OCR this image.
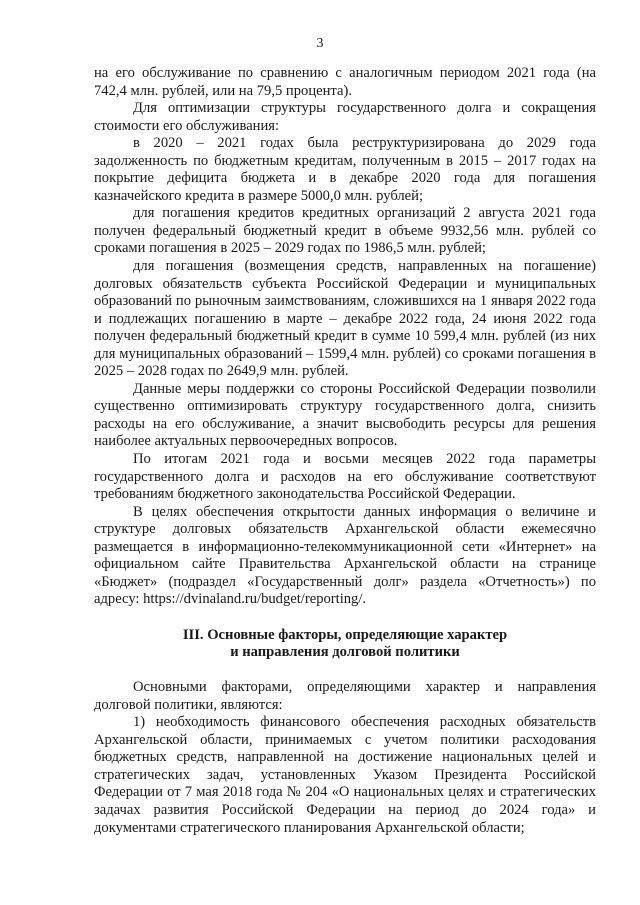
3

на его обслуживание по сравнению с аналогичным периодом 2021 года (на 742,4 млн. рублей, или на 79,5 процента).

Для оптимизации структуры государственного долга и сокращения стоимости его обслуживания:

в 2020 – 2021 годах была реструктуризирована до 2029 года задолженность по бюджетным кредитам, полученным в 2015 – 2017 годах на покрытие дефицита бюджета и в декабре 2020 года для погашения казначейского кредита в размере 5000,0 млн. рублей;

для погашения кредитов кредитных организаций 2 августа 2021 года получен федеральный бюджетный кредит в объеме 9932,56 млн. рублей со сроками погашения в 2025 – 2029 годах по 1986,5 млн. рублей;

для погашения (возмещения средств, направленных на погашение) долговых обязательств субъекта Российской Федерации и муниципальных образований по рыночным заимствованиям, сложившихся на 1 января 2022 года и подлежащих погашению в марте – декабре 2022 года, 24 июня 2022 года получен федеральный бюджетный кредит в сумме 10 599,4 млн. рублей (из них для муниципальных образований – 1599,4 млн. рублей) со сроками погашения в 2025 – 2028 годах по 2649,9 млн. рублей.

Данные меры поддержки со стороны Российской Федерации позволили существенно оптимизировать структуру государственного долга, снизить расходы на его обслуживание, а значит высвободить ресурсы для решения наиболее актуальных первоочередных вопросов.

По итогам 2021 года и восьми месяцев 2022 года параметры государственного долга и расходов на его обслуживание соответствуют требованиям бюджетного законодательства Российской Федерации.

В целях обеспечения открытости данных информация о величине и структуре долговых обязательств Архангельской области ежемесячно размещается в информационно-телекоммуникационной сети «Интернет» на официальном сайте Правительства Архангельской области на странице «Бюджет» (подраздел «Государственный долг» раздела «Отчетность») по адресу: https://dvinaland.ru/budget/reporting/.

III. Основные факторы, определяющие характер
и направления долговой политики

Основными факторами, определяющими характер и направления долговой политики, являются:

1) необходимость финансового обеспечения расходных обязательств Архангельской области, принимаемых с учетом политики расходования бюджетных средств, направленной на достижение национальных целей и стратегических задач, установленных Указом Президента Российской Федерации от 7 мая 2018 года № 204 «О национальных целях и стратегических задачах развития Российской Федерации на период до 2024 года» и документами стратегического планирования Архангельской области;
